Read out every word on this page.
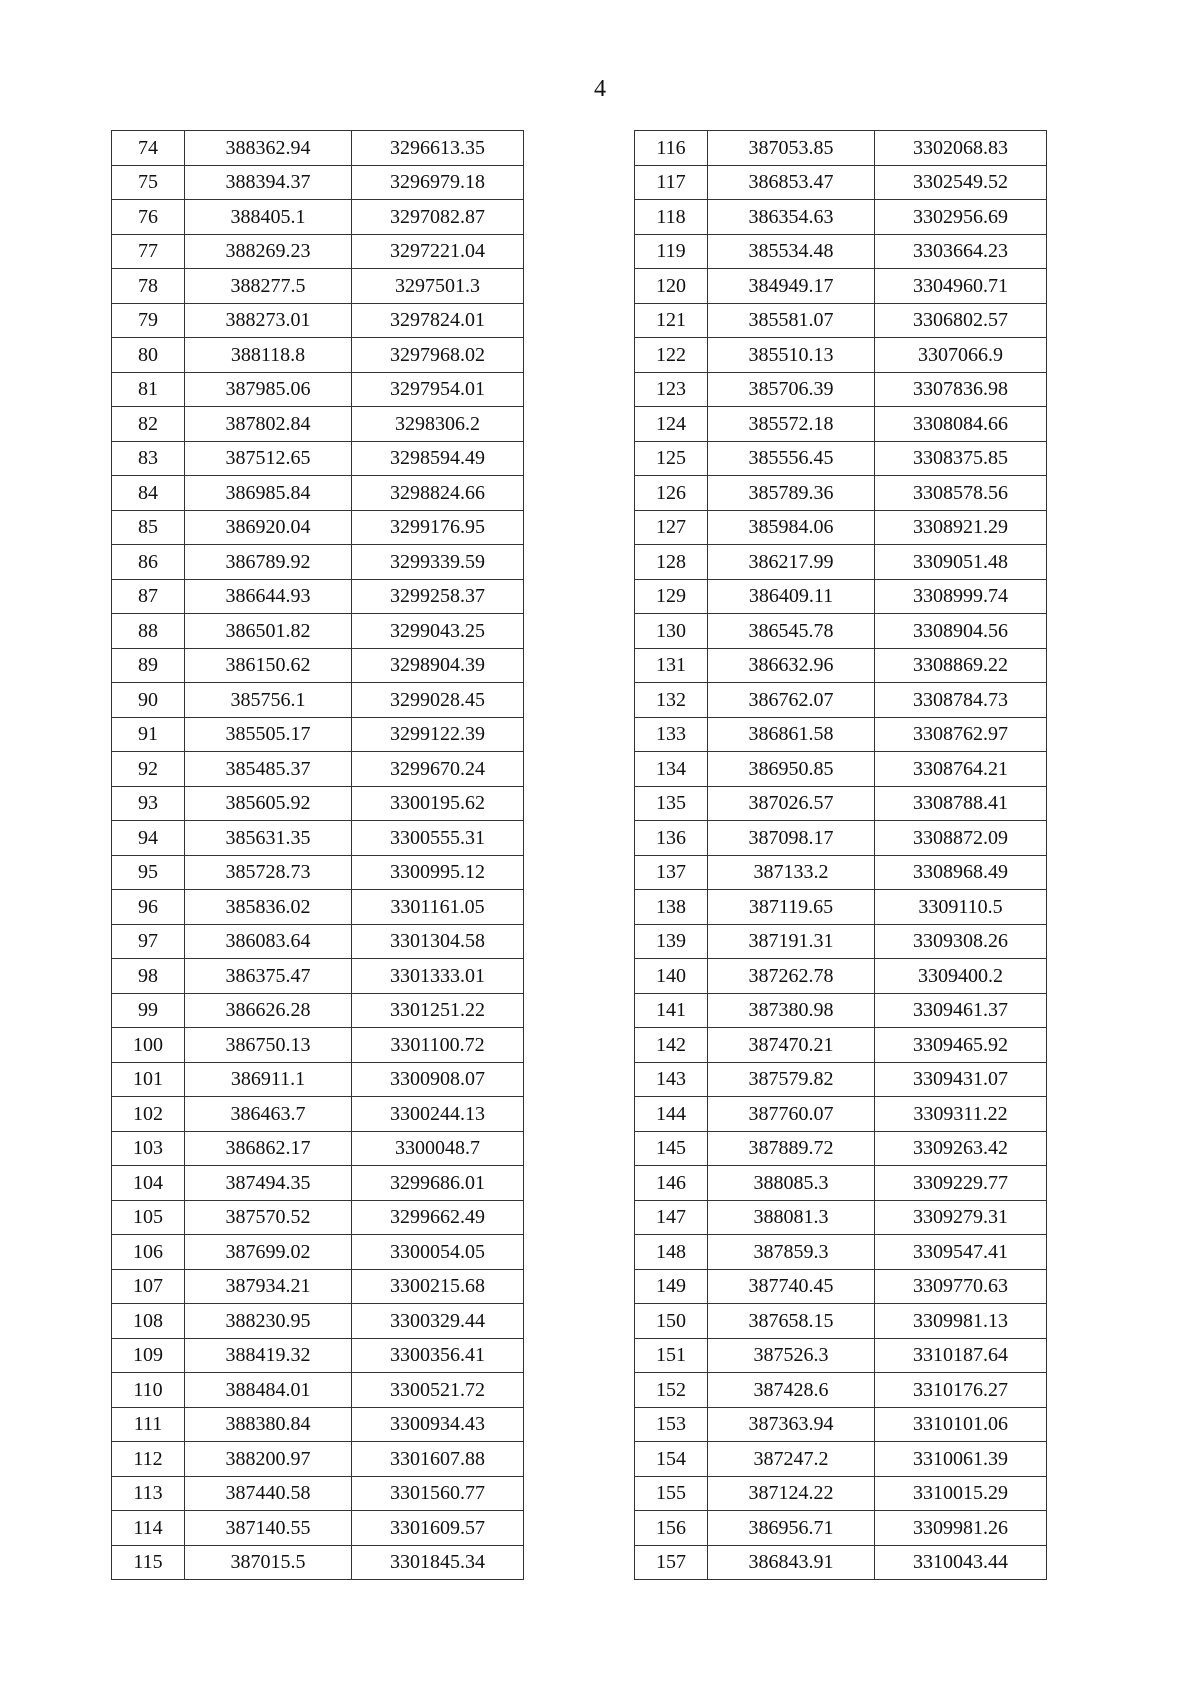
4
74	388362.94	3296613.35
75	388394.37	3296979.18
76	388405.1	3297082.87
77	388269.23	3297221.04
78	388277.5	3297501.3
79	388273.01	3297824.01
80	388118.8	3297968.02
81	387985.06	3297954.01
82	387802.84	3298306.2
83	387512.65	3298594.49
84	386985.84	3298824.66
85	386920.04	3299176.95
86	386789.92	3299339.59
87	386644.93	3299258.37
88	386501.82	3299043.25
89	386150.62	3298904.39
90	385756.1	3299028.45
91	385505.17	3299122.39
92	385485.37	3299670.24
93	385605.92	3300195.62
94	385631.35	3300555.31
95	385728.73	3300995.12
96	385836.02	3301161.05
97	386083.64	3301304.58
98	386375.47	3301333.01
99	386626.28	3301251.22
100	386750.13	3301100.72
101	386911.1	3300908.07
102	386463.7	3300244.13
103	386862.17	3300048.7
104	387494.35	3299686.01
105	387570.52	3299662.49
106	387699.02	3300054.05
107	387934.21	3300215.68
108	388230.95	3300329.44
109	388419.32	3300356.41
110	388484.01	3300521.72
111	388380.84	3300934.43
112	388200.97	3301607.88
113	387440.58	3301560.77
114	387140.55	3301609.57
115	387015.5	3301845.34
116	387053.85	3302068.83
117	386853.47	3302549.52
118	386354.63	3302956.69
119	385534.48	3303664.23
120	384949.17	3304960.71
121	385581.07	3306802.57
122	385510.13	3307066.9
123	385706.39	3307836.98
124	385572.18	3308084.66
125	385556.45	3308375.85
126	385789.36	3308578.56
127	385984.06	3308921.29
128	386217.99	3309051.48
129	386409.11	3308999.74
130	386545.78	3308904.56
131	386632.96	3308869.22
132	386762.07	3308784.73
133	386861.58	3308762.97
134	386950.85	3308764.21
135	387026.57	3308788.41
136	387098.17	3308872.09
137	387133.2	3308968.49
138	387119.65	3309110.5
139	387191.31	3309308.26
140	387262.78	3309400.2
141	387380.98	3309461.37
142	387470.21	3309465.92
143	387579.82	3309431.07
144	387760.07	3309311.22
145	387889.72	3309263.42
146	388085.3	3309229.77
147	388081.3	3309279.31
148	387859.3	3309547.41
149	387740.45	3309770.63
150	387658.15	3309981.13
151	387526.3	3310187.64
152	387428.6	3310176.27
153	387363.94	3310101.06
154	387247.2	3310061.39
155	387124.22	3310015.29
156	386956.71	3309981.26
157	386843.91	3310043.44
